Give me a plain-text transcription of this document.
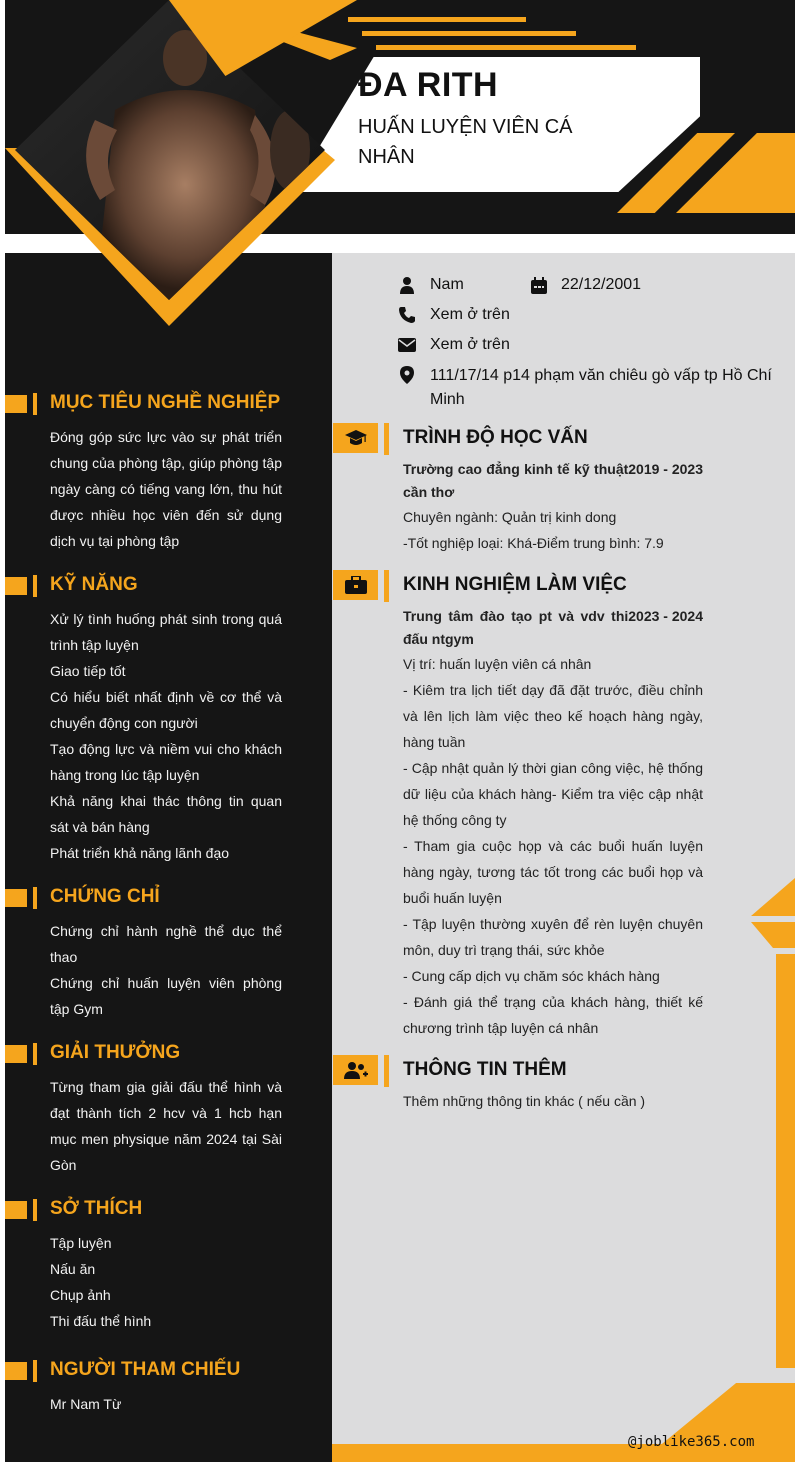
ĐA RITH
HUẤN LUYỆN VIÊN CÁ NHÂN
Nam	22/12/2001
Xem ở trên
Xem ở trên
111/17/14 p14 phạm văn chiêu gò vấp tp Hồ Chí Minh
MỤC TIÊU NGHỀ NGHIỆP
Đóng góp sức lực vào sự phát triển chung của phòng tập, giúp phòng tập ngày càng có tiếng vang lớn, thu hút được nhiều học viên đến sử dụng dịch vụ tại phòng tập
KỸ NĂNG

Xử lý tình huống phát sinh trong quá trình tập luyện

Giao tiếp tốt

Có hiểu biết nhất định về cơ thể và chuyển động con người

Tạo động lực và niềm vui cho khách hàng trong lúc tập luyện

Khả năng khai thác thông tin quan sát và bán hàng

Phát triển khả năng lãnh đạo

CHỨNG CHỈ

Chứng chỉ hành nghề thể dục thể thao

Chứng chỉ huấn luyện viên phòng tập Gym

GIẢI THƯỞNG
Từng tham gia giải đấu thể hình và đạt thành tích 2 hcv và 1 hcb hạn mục men physique năm 2024 tại Sài Gòn
SỞ THÍCH

Tập luyện

Nấu ăn

Chụp ảnh

Thi đấu thể hình

NGƯỜI THAM CHIẾU

Mr Nam Từ

TRÌNH ĐỘ HỌC VẤN

2019 - 2023
Trường cao đẳng kinh tế kỹ thuật cần thơ

Chuyên ngành: Quản trị kinh dong

-Tốt nghiệp loại: Khá-Điểm trung bình: 7.9

KINH NGHIỆM LÀM VIỆC

2023 - 2024
Trung tâm đào tạo pt và vdv thi đấu ntgym

Vị trí: huấn luyện viên cá nhân

- Kiêm tra lịch tiết dạy đã đặt trước, điều chỉnh và lên lịch làm việc theo kế hoạch hàng ngày, hàng tuần

- Cập nhật quản lý thời gian công việc, hệ thống dữ liệu của khách hàng- Kiểm tra việc cập nhật hệ thống công ty

- Tham gia cuộc họp và các buổi huấn luyện hàng ngày, tương tác tốt trong các buổi họp và buổi huấn luyện

- Tập luyện thường xuyên để rèn luyện chuyên môn, duy trì trạng thái, sức khỏe

- Cung cấp dịch vụ chăm sóc khách hàng

- Đánh giá thể trạng của khách hàng, thiết kế chương trình tập luyện cá nhân

THÔNG TIN THÊM
Thêm những thông tin khác ( nếu cần )
@joblike365.com
